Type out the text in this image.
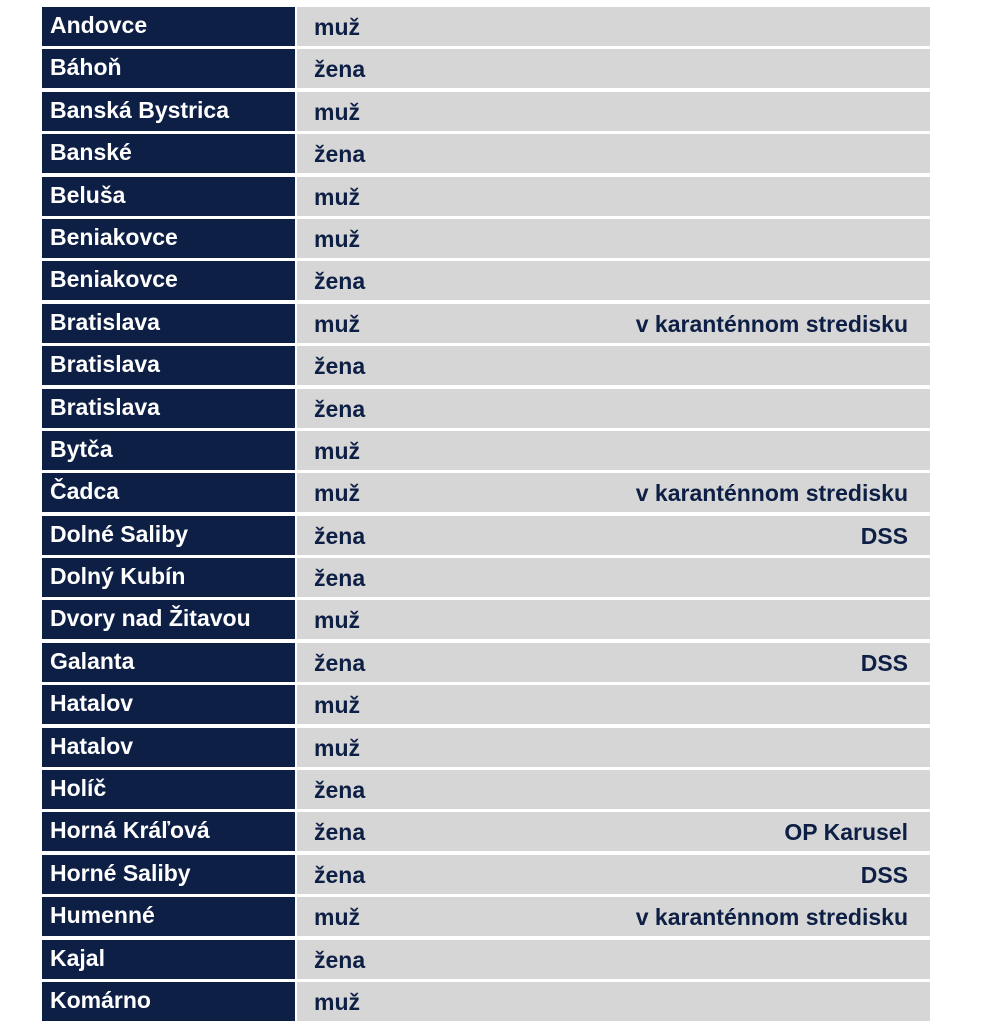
Andovce	muž
Báhoň	žena
Banská Bystrica	muž
Banské	žena
Beluša	muž
Beniakovce	muž
Beniakovce	žena
Bratislava	muž	v karanténnom stredisku
Bratislava	žena
Bratislava	žena
Bytča	muž
Čadca	muž	v karanténnom stredisku
Dolné Saliby	žena	DSS
Dolný Kubín	žena
Dvory nad Žitavou	muž
Galanta	žena	DSS
Hatalov	muž
Hatalov	muž
Holíč	žena
Horná Kráľová	žena	OP Karusel
Horné Saliby	žena	DSS
Humenné	muž	v karanténnom stredisku
Kajal	žena
Komárno	muž
